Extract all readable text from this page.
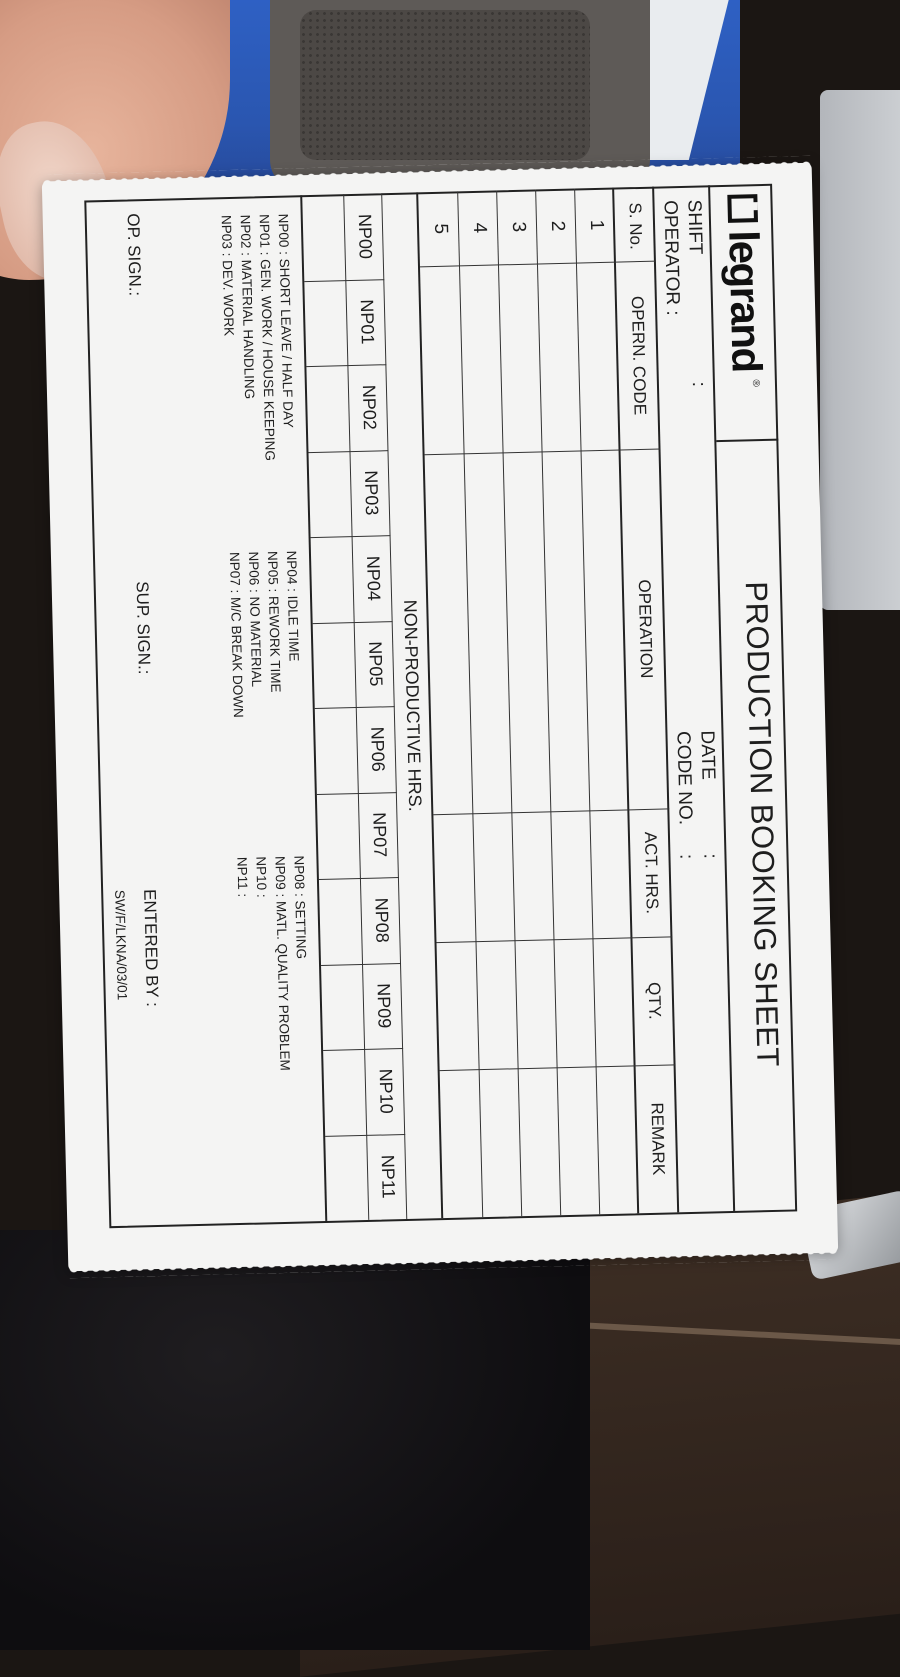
legrand
®
PRODUCTION BOOKING SHEET
SHIFT
:
OPERATOR :
DATE
:
CODE NO.
:
S. No.
OPERN. CODE
OPERATION
ACT. HRS.
QTY.
REMARK
1
2
3
4
5
NON-PRODUCTIVE HRS.
NP00
NP01
NP02
NP03
NP04
NP05
NP06
NP07
NP08
NP09
NP10
NP11
NP00 : SHORT LEAVE / HALF DAY
NP01 : GEN. WORK / HOUSE KEEPING
NP02 : MATERIAL HANDLING
NP03 : DEV. WORK
NP04 : IDLE TIME
NP05 : REWORK TIME
NP06 : NO MATERIAL
NP07 : M/C BREAK DOWN
NP08 : SETTING
NP09 : MATL. QUALITY PROBLEM
NP10 :
NP11 :
OP. SIGN.:
SUP. SIGN.:
ENTERED BY :
SW/F/LKNA/03/01
